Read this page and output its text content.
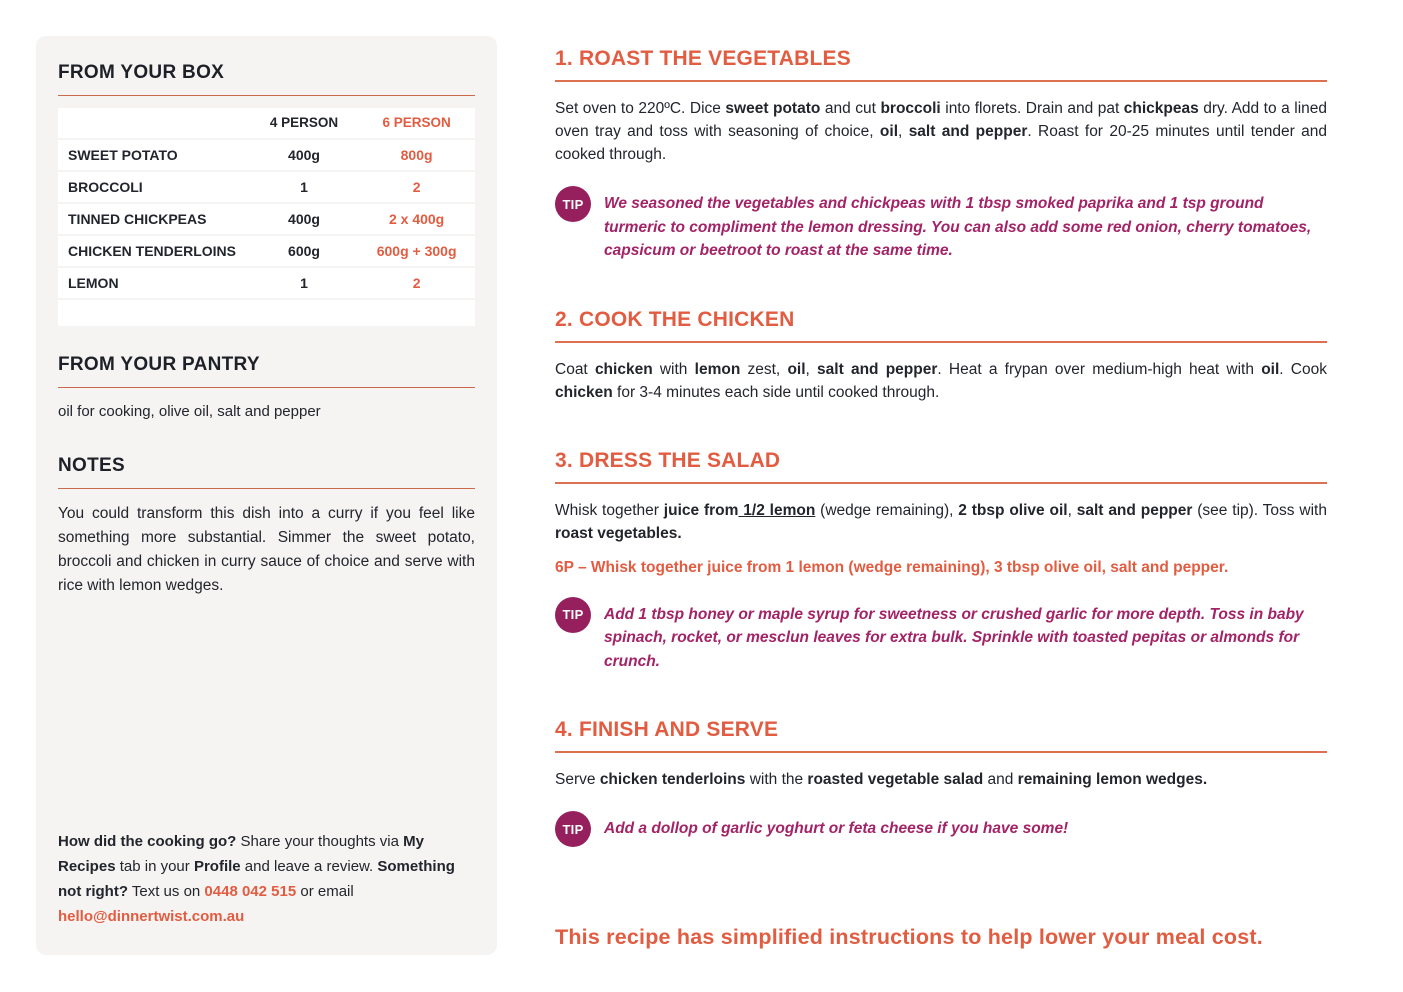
FROM YOUR BOX
	4 PERSON	6 PERSON
SWEET POTATO	400g	800g
BROCCOLI	1	2
TINNED CHICKPEAS	400g	2 x 400g
CHICKEN TENDERLOINS	600g	600g + 300g
LEMON	1	2

FROM YOUR PANTRY

oil for cooking, olive oil, salt and pepper

NOTES

You could transform this dish into a curry if you feel like something more substantial. Simmer the sweet potato, broccoli and chicken in curry sauce of choice and serve with rice with lemon wedges.

How did the cooking go? Share your thoughts via My Recipes tab in your Profile and leave a review. Something not right? Text us on 0448 042 515 or email hello@dinnertwist.com.au

1. ROAST THE VEGETABLES

Set oven to 220ºC. Dice sweet potato and cut broccoli into florets. Drain and pat chickpeas dry. Add to a lined oven tray and toss with seasoning of choice, oil, salt and pepper. Roast for 20-25 minutes until tender and cooked through.

TIP	We seasoned the vegetables and chickpeas with 1 tbsp smoked paprika and 1 tsp ground turmeric to compliment the lemon dressing. You can also add some red onion, cherry tomatoes, capsicum or beetroot to roast at the same time.

2. COOK THE CHICKEN

Coat chicken with lemon zest, oil, salt and pepper. Heat a frypan over medium-high heat with oil. Cook chicken for 3-4 minutes each side until cooked through.

3. DRESS THE SALAD

Whisk together juice from 1/2 lemon (wedge remaining), 2 tbsp olive oil, salt and pepper (see tip). Toss with roast vegetables.

6P – Whisk together juice from 1 lemon (wedge remaining), 3 tbsp olive oil, salt and pepper.

TIP	Add 1 tbsp honey or maple syrup for sweetness or crushed garlic for more depth. Toss in baby spinach, rocket, or mesclun leaves for extra bulk. Sprinkle with toasted pepitas or almonds for crunch.

4. FINISH AND SERVE

Serve chicken tenderloins with the roasted vegetable salad and remaining lemon wedges.

TIP	Add a dollop of garlic yoghurt or feta cheese if you have some!

This recipe has simplified instructions to help lower your meal cost.
